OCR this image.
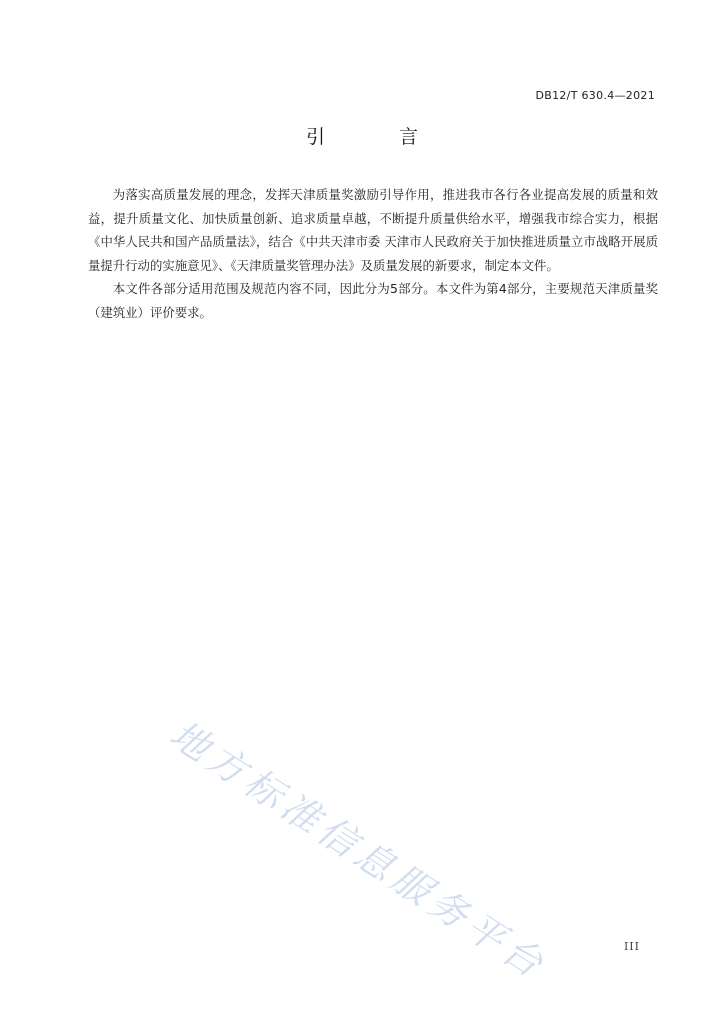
DB12/T 630.4—2021
引 言

为落实高质量发展的理念，发挥天津质量奖激励引导作用，推进我市各行各业提高发展的质量和效益，提升质量文化、加快质量创新、追求质量卓越，不断提升质量供给水平，增强我市综合实力，根据《中华人民共和国产品质量法》，结合《中共天津市委 天津市人民政府关于加快推进质量立市战略开展质量提升行动的实施意见》、《天津质量奖管理办法》及质量发展的新要求，制定本文件。

本文件各部分适用范围及规范内容不同，因此分为5部分。本文件为第4部分，主要规范天津质量奖（建筑业）评价要求。

地方标准信息服务平台	III
